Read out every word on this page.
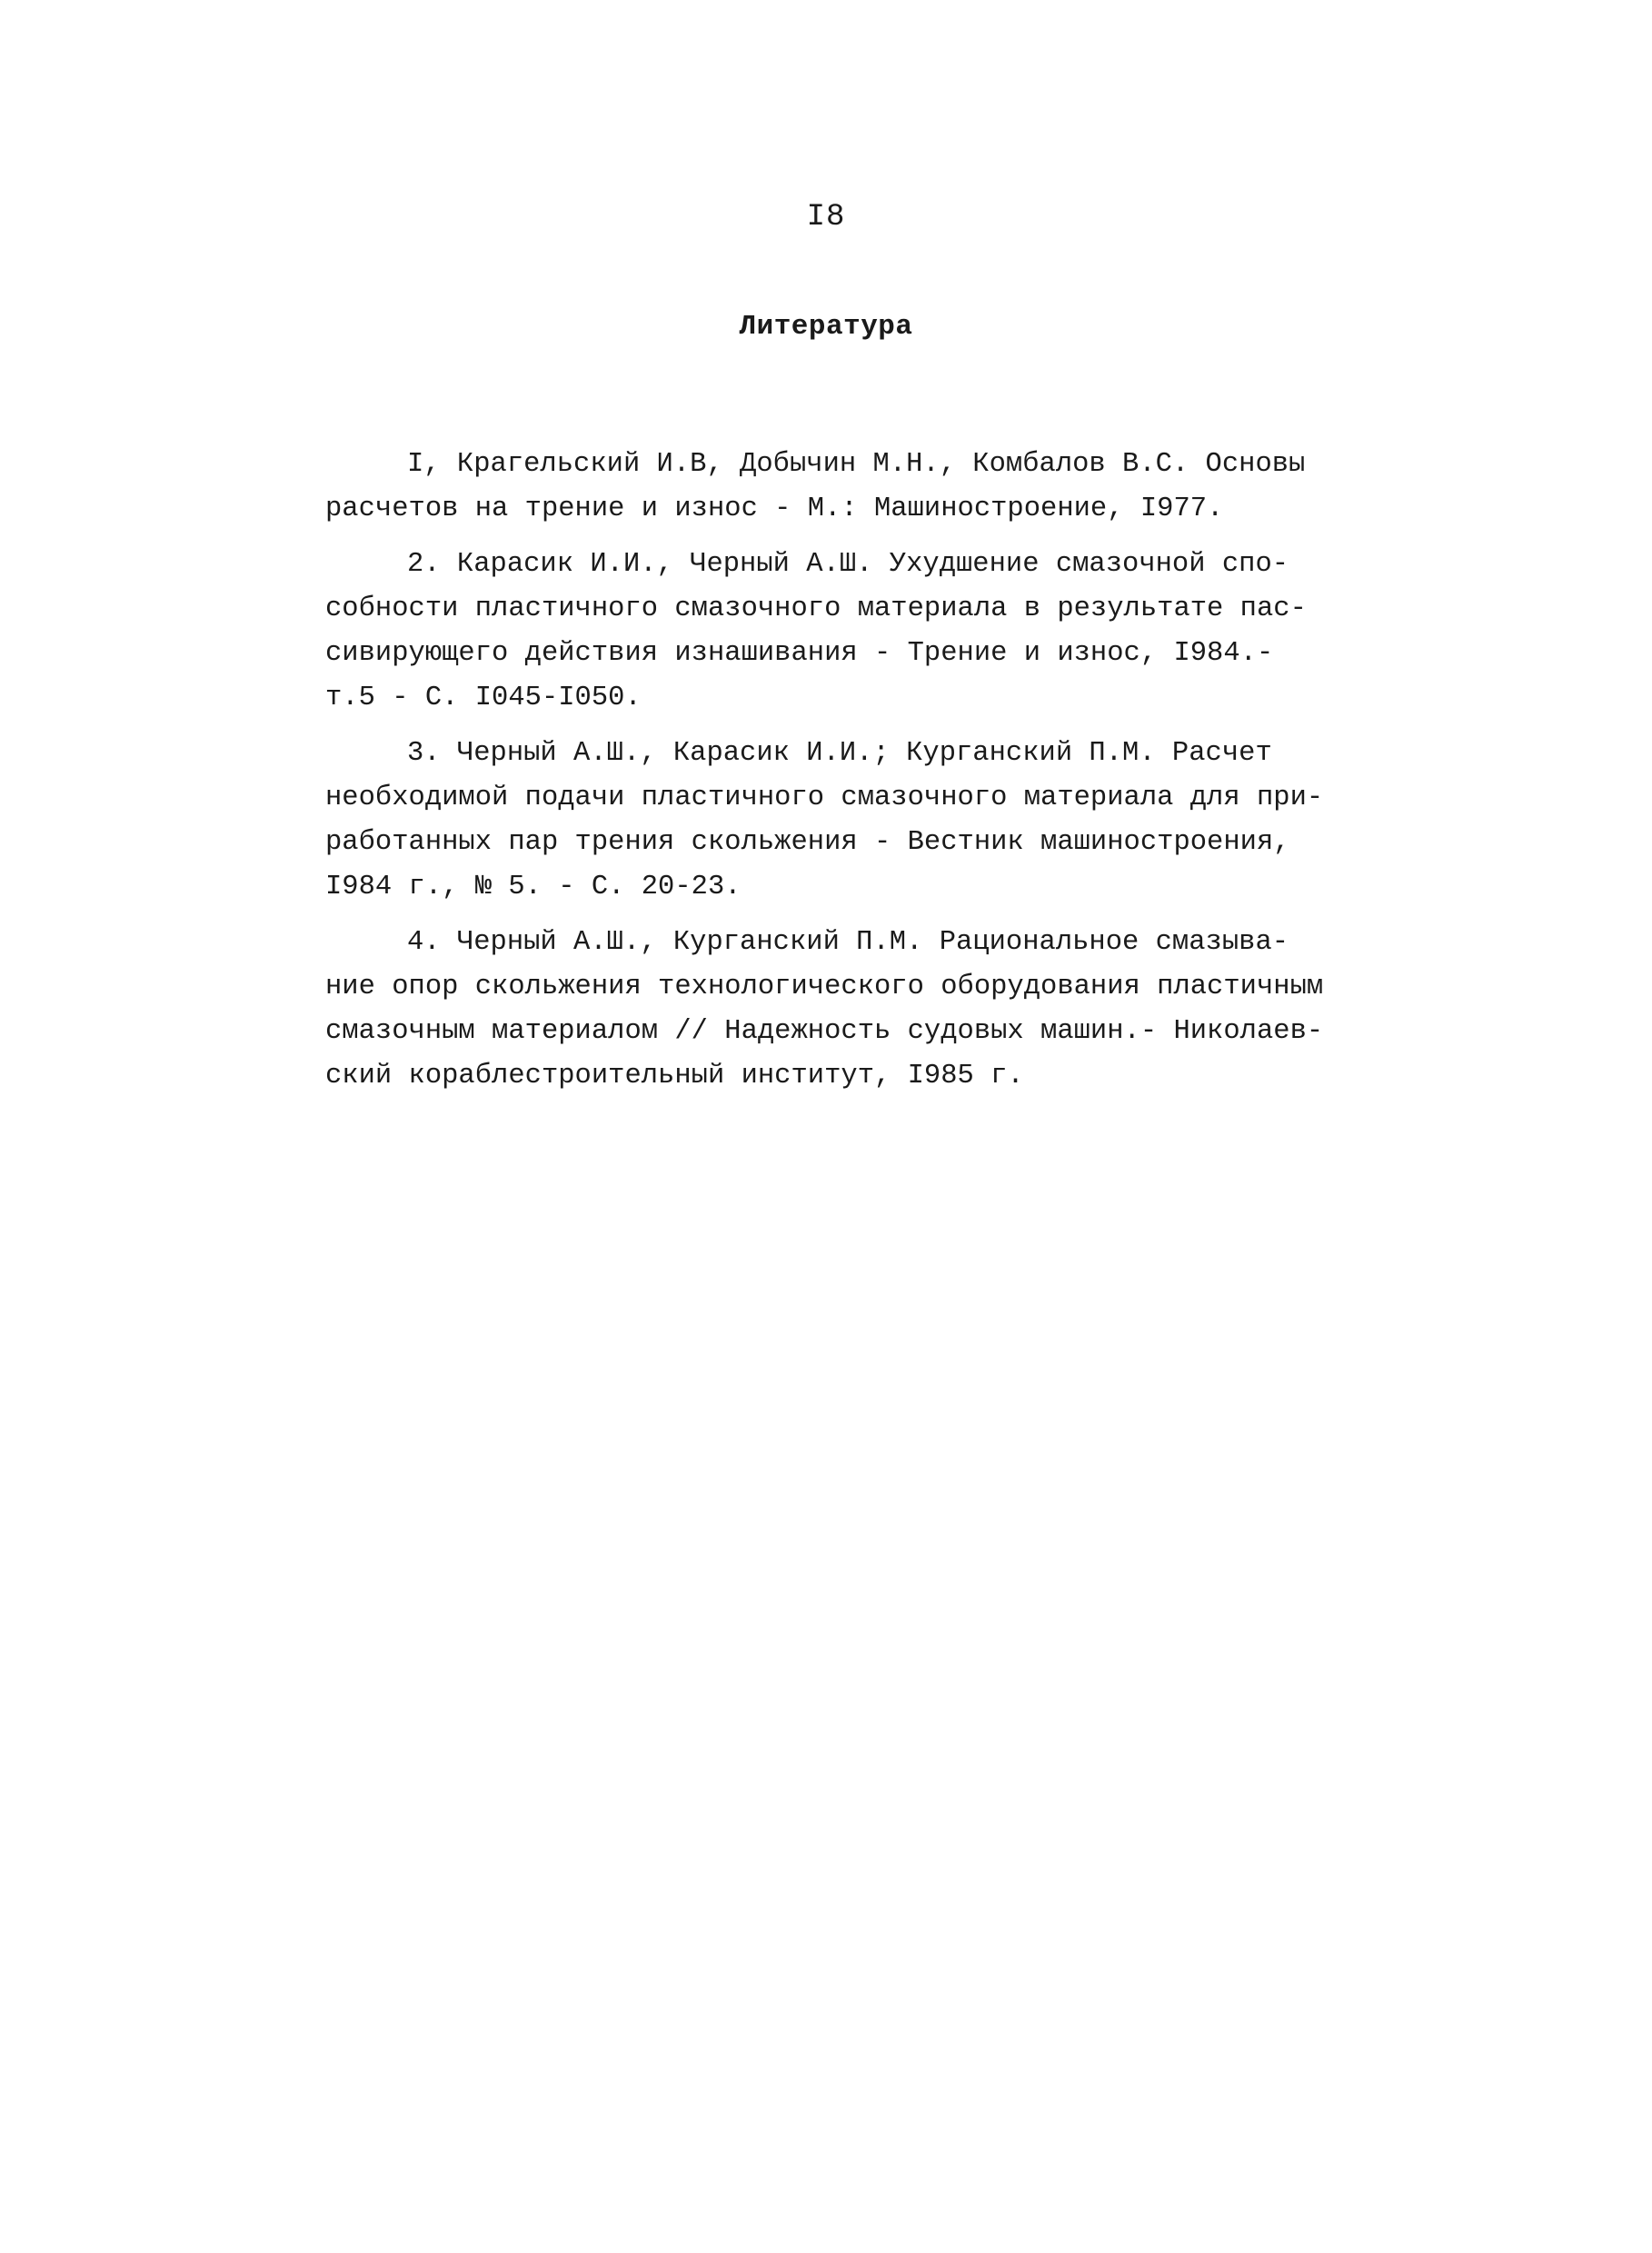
I8
Литература
I, Крагельский И.В, Добычин М.Н., Комбалов В.С. Основы
расчетов на трение и износ - М.: Машиностроение, I977.
2. Карасик И.И., Черный А.Ш. Ухудшение смазочной спо-
собности пластичного смазочного материала в результате пас-
сивирующего действия изнашивания - Трение и износ, I984.-
т.5 - С. I045-I050.
3. Черный А.Ш., Карасик И.И.; Курганский П.М. Расчет
необходимой подачи пластичного смазочного материала для при-
работанных пар трения скольжения - Вестник машиностроения,
I984 г., № 5. - С. 20-23.
4. Черный А.Ш., Курганский П.М. Рациональное смазыва-
ние опор скольжения технологического оборудования пластичным
смазочным материалом // Надежность судовых машин.- Николаев-
ский кораблестроительный институт, I985 г.
